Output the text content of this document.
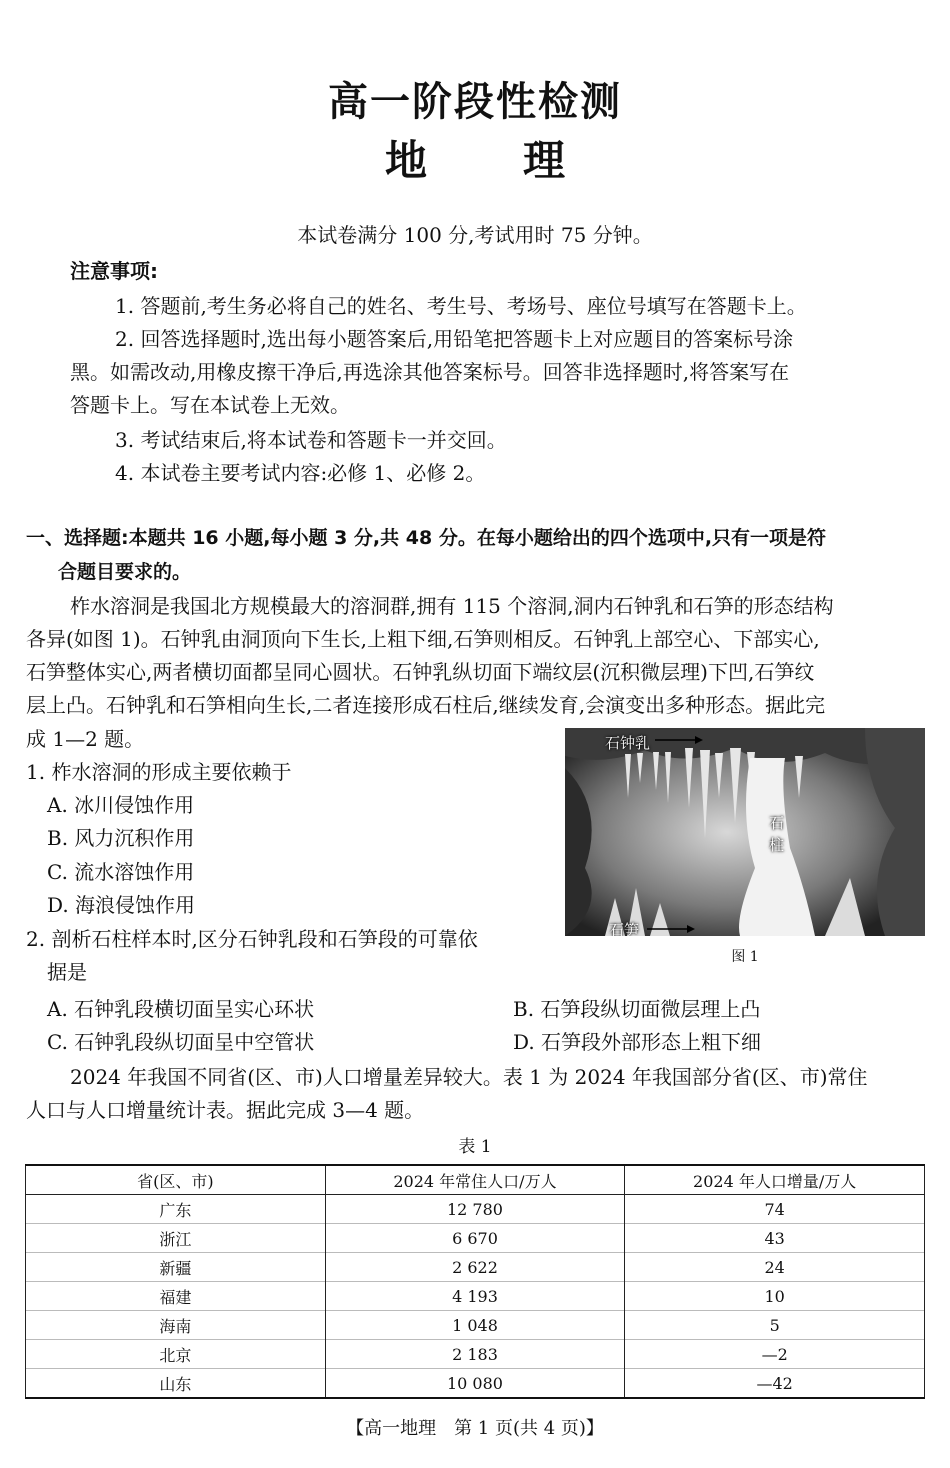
高一阶段性检测
地 理
本试卷满分 100 分,考试用时 75 分钟。
注意事项:
1. 答题前,考生务必将自己的姓名、考生号、考场号、座位号填写在答题卡上。
2. 回答选择题时,选出每小题答案后,用铅笔把答题卡上对应题目的答案标号涂
黑。如需改动,用橡皮擦干净后,再选涂其他答案标号。回答非选择题时,将答案写在
答题卡上。写在本试卷上无效。
3. 考试结束后,将本试卷和答题卡一并交回。
4. 本试卷主要考试内容:必修 1、必修 2。
一、选择题:本题共 16 小题,每小题 3 分,共 48 分。在每小题给出的四个选项中,只有一项是符
合题目要求的。
柞水溶洞是我国北方规模最大的溶洞群,拥有 115 个溶洞,洞内石钟乳和石笋的形态结构
各异(如图 1)。石钟乳由洞顶向下生长,上粗下细,石笋则相反。石钟乳上部空心、下部实心,
石笋整体实心,两者横切面都呈同心圆状。石钟乳纵切面下端纹层(沉积微层理)下凹,石笋纹
层上凸。石钟乳和石笋相向生长,二者连接形成石柱后,继续发育,会演变出多种形态。据此完
成 1—2 题。	石钟乳
石
柱
石笋
图 1
1. 柞水溶洞的形成主要依赖于
A. 冰川侵蚀作用
B. 风力沉积作用
C. 流水溶蚀作用
D. 海浪侵蚀作用
2. 剖析石柱样本时,区分石钟乳段和石笋段的可靠依
据是
A. 石钟乳段横切面呈实心环状	B. 石笋段纵切面微层理上凸
C. 石钟乳段纵切面呈中空管状	D. 石笋段外部形态上粗下细
2024 年我国不同省(区、市)人口增量差异较大。表 1 为 2024 年我国部分省(区、市)常住
人口与人口增量统计表。据此完成 3—4 题。
表 1
省(区、市)	2024 年常住人口/万人	2024 年人口增量/万人
广东	12 780	74
浙江	6 670	43
新疆	2 622	24
福建	4 193	10
海南	1 048	5
北京	2 183	—2
山东	10 080	—42
【高一地理　第 1 页(共 4 页)】
